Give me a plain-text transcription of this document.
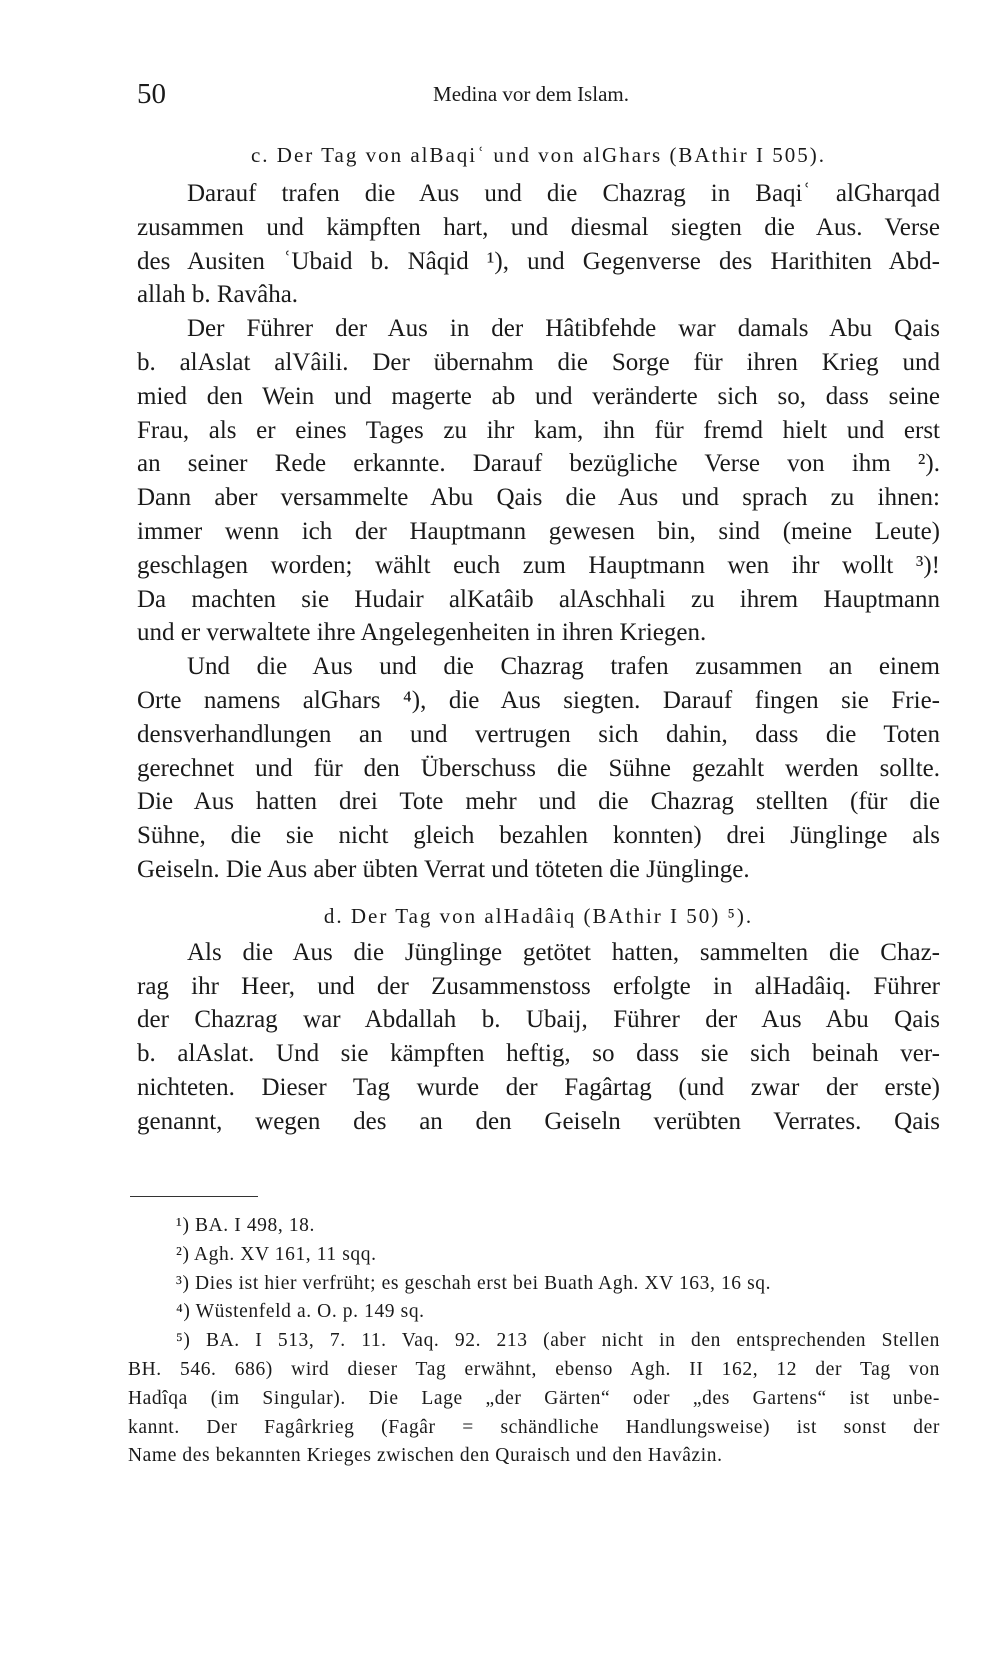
50	Medina vor dem Islam.
c. Der Tag von alBaqiʿ und von alGhars (BAthir I 505).
Darauf trafen die Aus und die Chazrag in Baqiʿ alGharqad
zusammen und kämpften hart, und diesmal siegten die Aus. Verse
des Ausiten ʿUbaid b. Nâqid ¹), und Gegenverse des Harithiten Abd-
allah b. Ravâha.
Der Führer der Aus in der Hâtibfehde war damals Abu Qais
b. alAslat alVâili. Der übernahm die Sorge für ihren Krieg und
mied den Wein und magerte ab und veränderte sich so, dass seine
Frau, als er eines Tages zu ihr kam, ihn für fremd hielt und erst
an seiner Rede erkannte. Darauf bezügliche Verse von ihm ²).
Dann aber versammelte Abu Qais die Aus und sprach zu ihnen:
immer wenn ich der Hauptmann gewesen bin, sind (meine Leute)
geschlagen worden; wählt euch zum Hauptmann wen ihr wollt ³)!
Da machten sie Hudair alKatâib alAschhali zu ihrem Hauptmann
und er verwaltete ihre Angelegenheiten in ihren Kriegen.
Und die Aus und die Chazrag trafen zusammen an einem
Orte namens alGhars ⁴), die Aus siegten. Darauf fingen sie Frie-
densverhandlungen an und vertrugen sich dahin, dass die Toten
gerechnet und für den Überschuss die Sühne gezahlt werden sollte.
Die Aus hatten drei Tote mehr und die Chazrag stellten (für die
Sühne, die sie nicht gleich bezahlen konnten) drei Jünglinge als
Geiseln. Die Aus aber übten Verrat und töteten die Jünglinge.
d. Der Tag von alHadâiq (BAthir I 50) ⁵).
Als die Aus die Jünglinge getötet hatten, sammelten die Chaz-
rag ihr Heer, und der Zusammenstoss erfolgte in alHadâiq. Führer
der Chazrag war Abdallah b. Ubaij, Führer der Aus Abu Qais
b. alAslat. Und sie kämpften heftig, so dass sie sich beinah ver-
nichteten. Dieser Tag wurde der Fagârtag (und zwar der erste)
genannt, wegen des an den Geiseln verübten Verrates. Qais
¹) BA. I 498, 18.
²) Agh. XV 161, 11 sqq.
³) Dies ist hier verfrüht; es geschah erst bei Buath Agh. XV 163, 16 sq.
⁴) Wüstenfeld a. O. p. 149 sq.
⁵) BA. I 513, 7. 11. Vaq. 92. 213 (aber nicht in den entsprechenden Stellen
BH. 546. 686) wird dieser Tag erwähnt, ebenso Agh. II 162, 12 der Tag von
Hadîqa (im Singular). Die Lage „der Gärten“ oder „des Gartens“ ist unbe-
kannt. Der Fagârkrieg (Fagâr = schändliche Handlungsweise) ist sonst der
Name des bekannten Krieges zwischen den Quraisch und den Havâzin.
